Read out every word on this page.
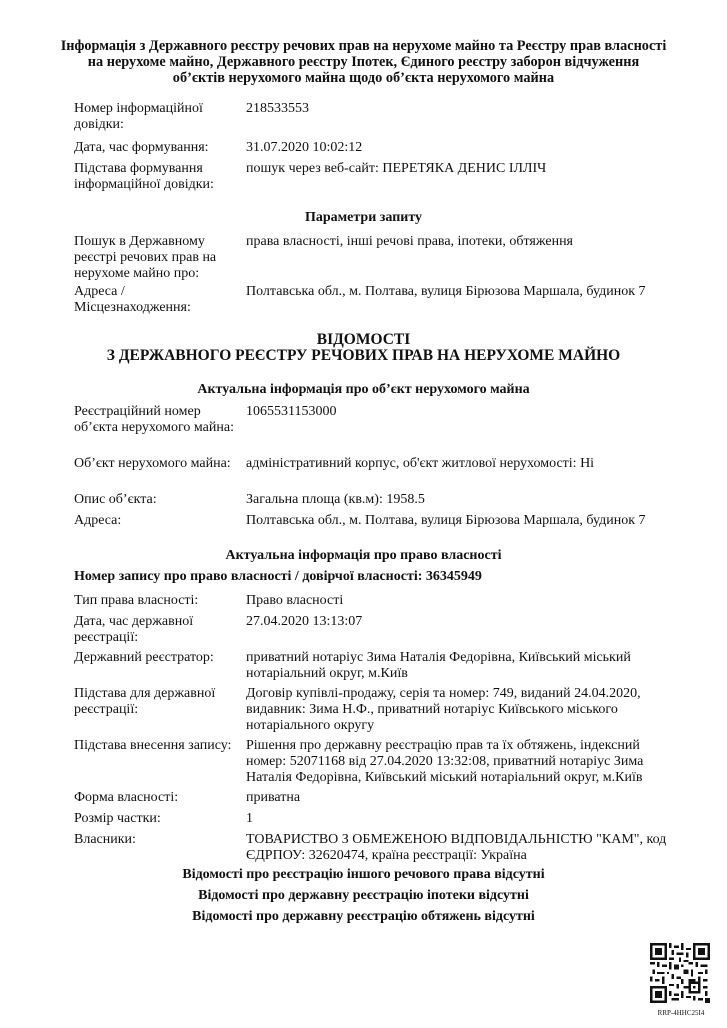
Інформація з Державного реєстру речових прав на нерухоме майно та Реєстру прав власності на нерухоме майно, Державного реєстру Іпотек, Єдиного реєстру заборон відчуження об’єктів нерухомого майна щодо об’єкта нерухомого майна
Номер інформаційної довідки:
218533553
Дата, час формування:	31.07.2020 10:02:12
Підстава формування інформаційної довідки:
пошук через веб-сайт: ПЕРЕТЯКА ДЕНИС ІЛЛІЧ
Параметри запиту
Пошук в Державному реєстрі речових прав на нерухоме майно про:
права власності, інші речові права, іпотеки, обтяження
Адреса / Місцезнаходження:
Полтавська обл., м. Полтава, вулиця Бірюзова Маршала, будинок 7
ВІДОМОСТІ
З ДЕРЖАВНОГО РЕЄСТРУ РЕЧОВИХ ПРАВ НА НЕРУХОМЕ МАЙНО
Актуальна інформація про об’єкт нерухомого майна
Реєстраційний номер об’єкта нерухомого майна:
1065531153000
Об’єкт нерухомого майна: адміністративний корпус, об'єкт житлової нерухомості: Ні
Опис об’єкта:	Загальна площа (кв.м): 1958.5
Адреса:	Полтавська обл., м. Полтава, вулиця Бірюзова Маршала, будинок 7
Актуальна інформація про право власності
Номер запису про право власності / довірчої власності: 36345949
Тип права власності:	Право власності
Дата, час державної реєстрації:
27.04.2020 13:13:07
Державний реєстратор:	приватний нотаріус Зима Наталія Федорівна, Київський міський нотаріальний округ, м.Київ
Підстава для державної реєстрації:
Договір купівлі-продажу, серія та номер: 749, виданий 24.04.2020, видавник: Зима Н.Ф., приватний нотаріус Київського міського нотаріального округу
Підстава внесення запису: Рішення про державну реєстрацію прав та їх обтяжень, індексний номер: 52071168 від 27.04.2020 13:32:08, приватний нотаріус Зима Наталія Федорівна, Київський міський нотаріальний округ, м.Київ
Форма власності:	приватна
Розмір частки:	1
Власники:	ТОВАРИСТВО З ОБМЕЖЕНОЮ ВІДПОВІДАЛЬНІСТЮ "КАМ", код ЄДРПОУ: 32620474, країна реєстрації: Україна
Відомості про реєстрацію іншого речового права відсутні
Відомості про державну реєстрацію іпотеки відсутні
Відомості про державну реєстрацію обтяжень відсутні
RRP-4HHC25I4
